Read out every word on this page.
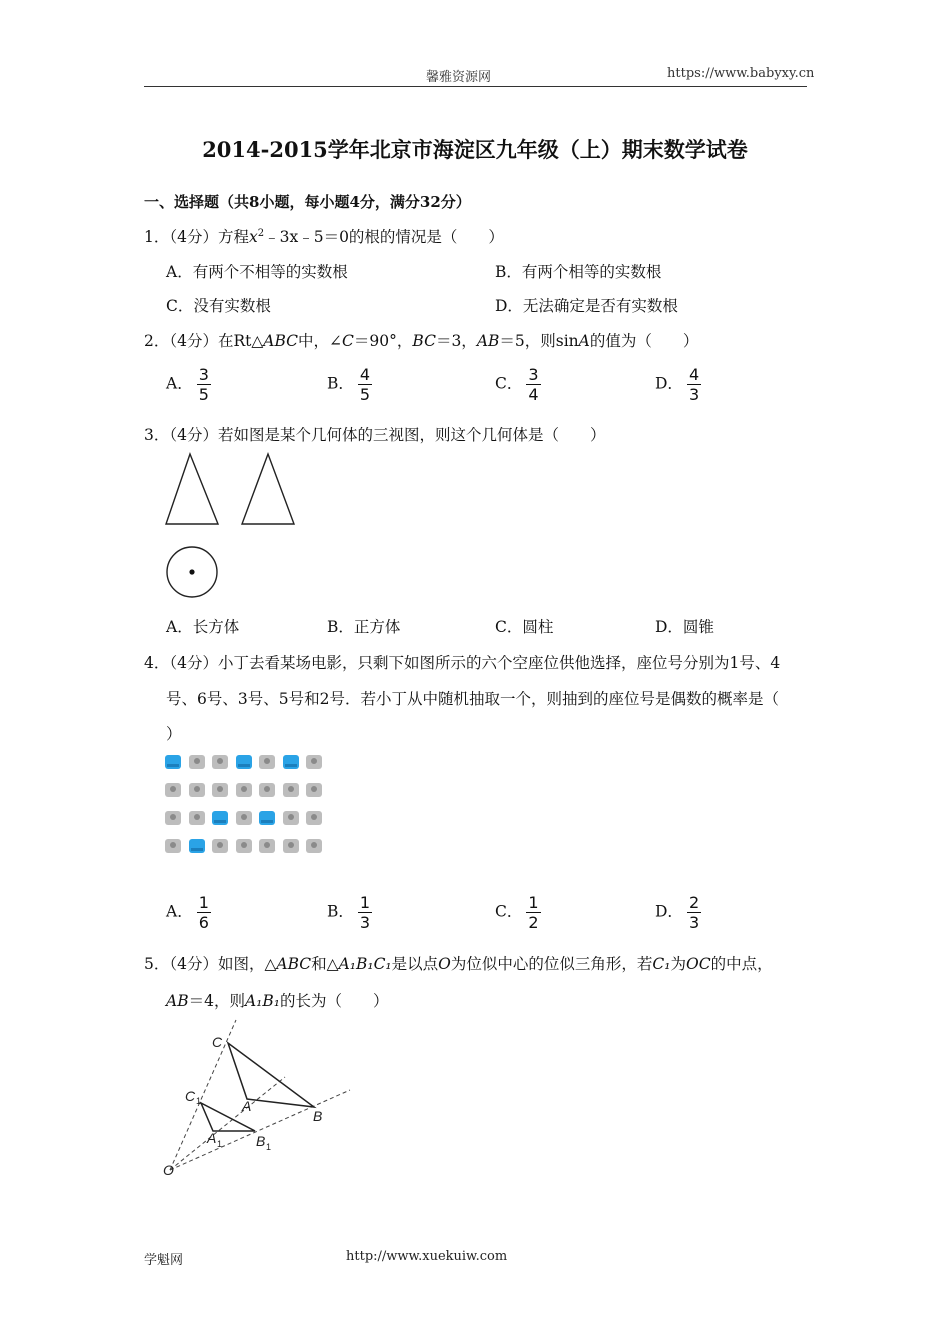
馨雅资源网	https://www.babyxy.cn
2014-2015学年北京市海淀区九年级（上）期末数学试卷
一、选择题（共8小题，每小题4分，满分32分）
1．（4分）方程$x^2﹣3x﹣5=0$的根的情况是（　　）
A．有两个不相等的实数根	B．有两个相等的实数根
C．没有实数根	D．无法确定是否有实数根
2．（4分）在Rt△ABC中，∠C＝90°，BC＝3，AB＝5，则sinA的值为（　　）
A． $\frac{3}{5}$	B． $\frac{4}{5}$	C． $\frac{3}{4}$	D． $\frac{4}{3}$
3．（4分）若如图是某个几何体的三视图，则这个几何体是（　　）
A．长方体	B．正方体	C．圆柱	D．圆锥
4．（4分）小丁去看某场电影，只剩下如图所示的六个空座位供他选择，座位号分别为1号、4
号、6号、3号、5号和2号．若小丁从中随机抽取一个，则抽到的座位号是偶数的概率是（
）
A． $\frac{1}{6}$	B． $\frac{1}{3}$	C． $\frac{1}{2}$	D． $\frac{2}{3}$
5．（4分）如图，△ABC和△A₁B₁C₁是以点O为位似中心的位似三角形，若C₁为OC的中点，
AB＝4，则A₁B₁的长为（　　）
C
A
B
C 1
A 1 B 1
O
学魁网	http://www.xuekuiw.com
